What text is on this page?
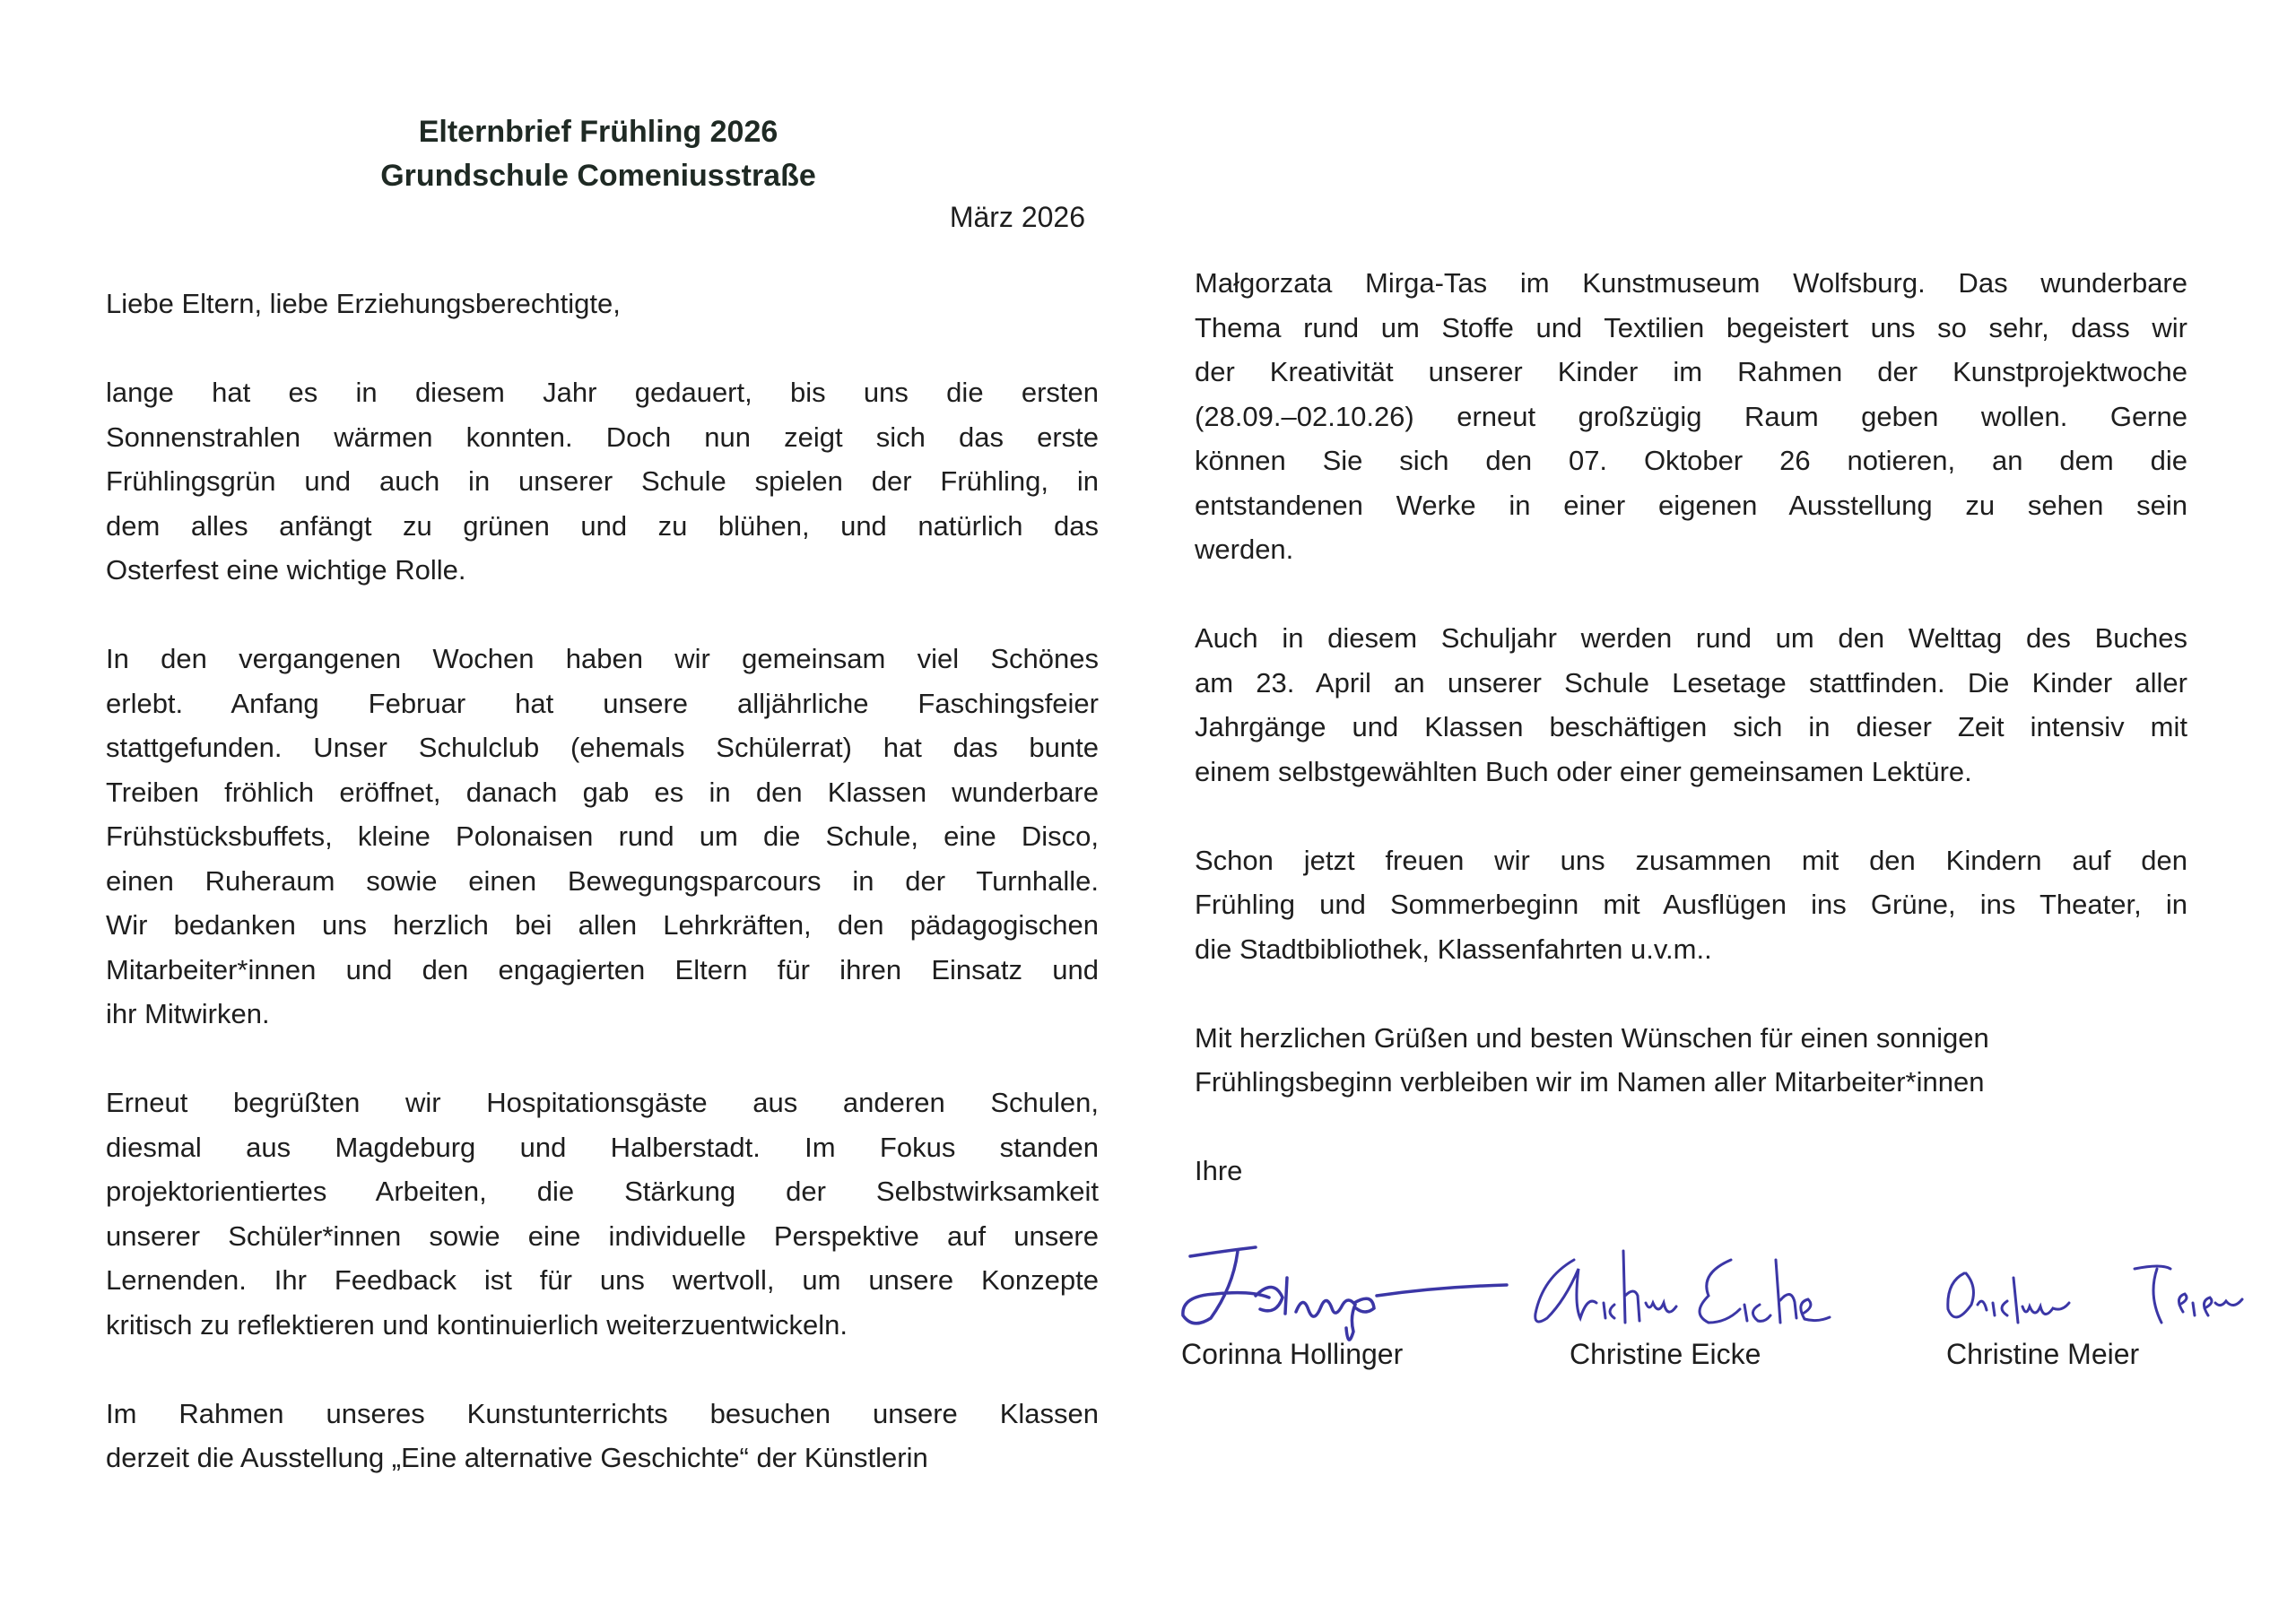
Elternbrief Frühling 2026
Grundschule Comeniusstraße
März 2026
Liebe Eltern, liebe Erziehungsberechtigte,
lange hat es in diesem Jahr gedauert, bis uns die ersten
Sonnenstrahlen wärmen konnten. Doch nun zeigt sich das erste
Frühlingsgrün und auch in unserer Schule spielen der Frühling, in
dem alles anfängt zu grünen und zu blühen, und natürlich das
Osterfest eine wichtige Rolle.
In den vergangenen Wochen haben wir gemeinsam viel Schönes
erlebt. Anfang Februar hat unsere alljährliche Faschingsfeier
stattgefunden. Unser Schulclub (ehemals Schülerrat) hat das bunte
Treiben fröhlich eröffnet, danach gab es in den Klassen wunderbare
Frühstücksbuffets, kleine Polonaisen rund um die Schule, eine Disco,
einen Ruheraum sowie einen Bewegungsparcours in der Turnhalle.
Wir bedanken uns herzlich bei allen Lehrkräften, den pädagogischen
Mitarbeiter*innen und den engagierten Eltern für ihren Einsatz und
ihr Mitwirken.
Erneut begrüßten wir Hospitationsgäste aus anderen Schulen,
diesmal aus Magdeburg und Halberstadt. Im Fokus standen
projektorientiertes Arbeiten, die Stärkung der Selbstwirksamkeit
unserer Schüler*innen sowie eine individuelle Perspektive auf unsere
Lernenden. Ihr Feedback ist für uns wertvoll, um unsere Konzepte
kritisch zu reflektieren und kontinuierlich weiterzuentwickeln.
Im Rahmen unseres Kunstunterrichts besuchen unsere Klassen
derzeit die Ausstellung „Eine alternative Geschichte“ der Künstlerin
Małgorzata Mirga-Tas im Kunstmuseum Wolfsburg. Das wunderbare
Thema rund um Stoffe und Textilien begeistert uns so sehr, dass wir
der Kreativität unserer Kinder im Rahmen der Kunstprojektwoche
(28.09.–02.10.26) erneut großzügig Raum geben wollen. Gerne
können Sie sich den 07. Oktober 26 notieren, an dem die
entstandenen Werke in einer eigenen Ausstellung zu sehen sein
werden.
Auch in diesem Schuljahr werden rund um den Welttag des Buches
am 23. April an unserer Schule Lesetage stattfinden. Die Kinder aller
Jahrgänge und Klassen beschäftigen sich in dieser Zeit intensiv mit
einem selbstgewählten Buch oder einer gemeinsamen Lektüre.
Schon jetzt freuen wir uns zusammen mit den Kindern auf den
Frühling und Sommerbeginn mit Ausflügen ins Grüne, ins Theater, in
die Stadtbibliothek, Klassenfahrten u.v.m..
Mit herzlichen Grüßen und besten Wünschen für einen sonnigen
Frühlingsbeginn verbleiben wir im Namen aller Mitarbeiter*innen
Ihre
Corinna Hollinger	Christine Eicke	Christine Meier
